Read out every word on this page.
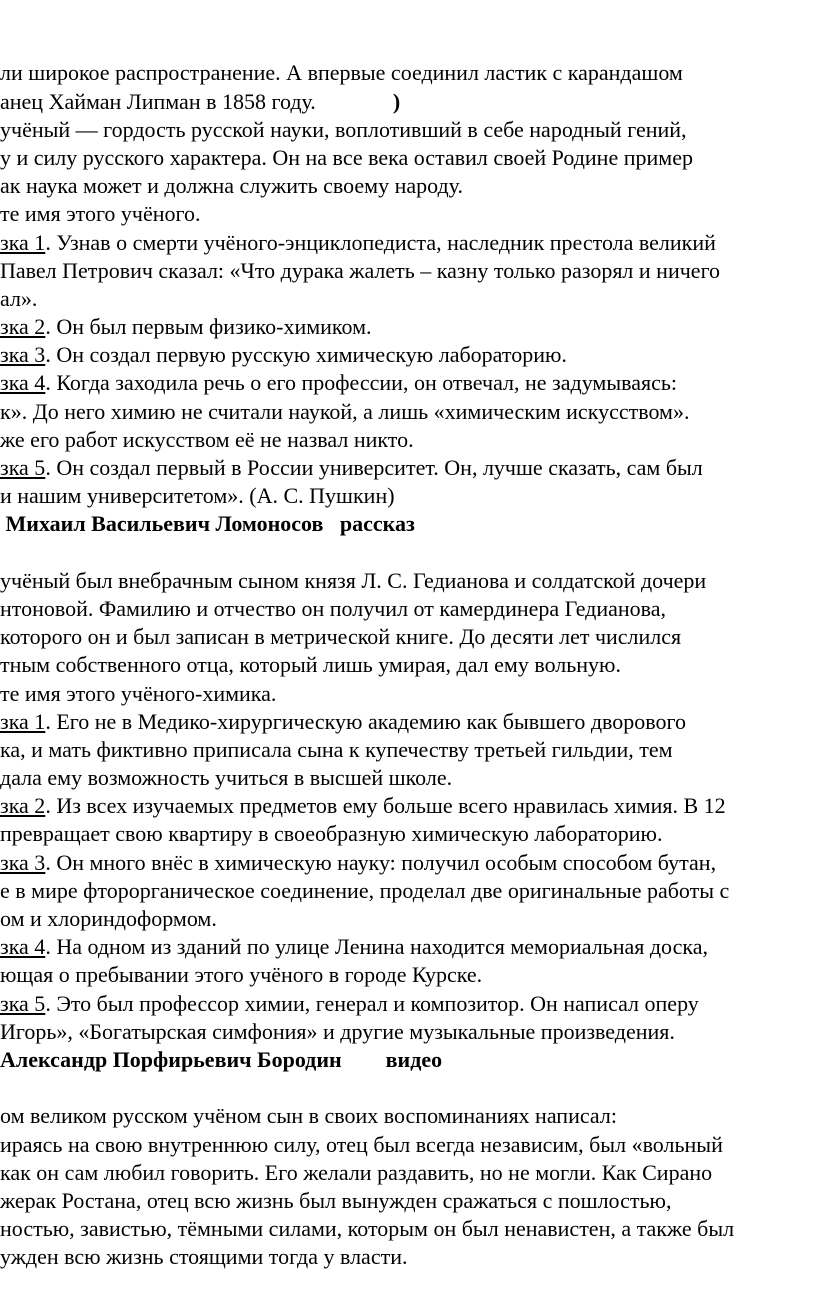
ли широкое распространение. А впервые соединил ластик с карандашом
анец Хайман Липман в 1858 году.              )
учёный — гордость русской науки, воплотивший в себе народный гений,
у и силу русского характера. Он на все века оставил своей Родине пример
ак наука может и должна служить своему народу.
те имя этого учёного.
зка 1. Узнав о смерти учёного-энциклопедиста, наследник престола великий
Павел Петрович сказал: «Что дурака жалеть – казну только разорял и ничего
ал».
зка 2. Он был первым физико-химиком.
зка 3. Он создал первую русскую химическую лабораторию.
зка 4. Когда заходила речь о его профессии, он отвечал, не задумываясь:
к». До него химию не считали наукой, а лишь «химическим искусством».
же его работ искусством её не назвал никто.
зка 5. Он создал первый в России университет. Он, лучше сказать, сам был
и нашим университетом». (А. С. Пушкин)
Михаил Васильевич Ломоносов   рассказ

учёный был внебрачным сыном князя Л. С. Гедианова и солдатской дочери
нтоновой. Фамилию и отчество он получил от камердинера Гедианова,
которого он и был записан в метрической книге. До десяти лет числился
тным собственного отца, который лишь умирая, дал ему вольную.
те имя этого учёного-химика.
зка 1. Его не в Медико-хирургическую академию как бывшего дворового
ка, и мать фиктивно приписала сына к купечеству третьей гильдии, тем
дала ему возможность учиться в высшей школе.
зка 2. Из всех изучаемых предметов ему больше всего нравилась химия. В 12
превращает свою квартиру в своеобразную химическую лабораторию.
зка 3. Он много внёс в химическую науку: получил особым способом бутан,
е в мире фторорганическое соединение, проделал две оригинальные работы с
ом и хлориндоформом.
зка 4. На одном из зданий по улице Ленина находится мемориальная доска,
ющая о пребывании этого учёного в городе Курске.
зка 5. Это был профессор химии, генерал и композитор. Он написал оперу
Игорь», «Богатырская симфония» и другие музыкальные произведения.
Александр Порфирьевич Бородин        видео

ом великом русском учёном сын в своих воспоминаниях написал:
ираясь на свою внутреннюю силу, отец был всегда независим, был «вольный
как он сам любил говорить. Его желали раздавить, но не могли. Как Сирано
жерак Ростана, отец всю жизнь был вынужден сражаться с пошлостью,
ностью, завистью, тёмными силами, которым он был ненавистен, а также был
ужден всю жизнь стоящими тогда у власти.
